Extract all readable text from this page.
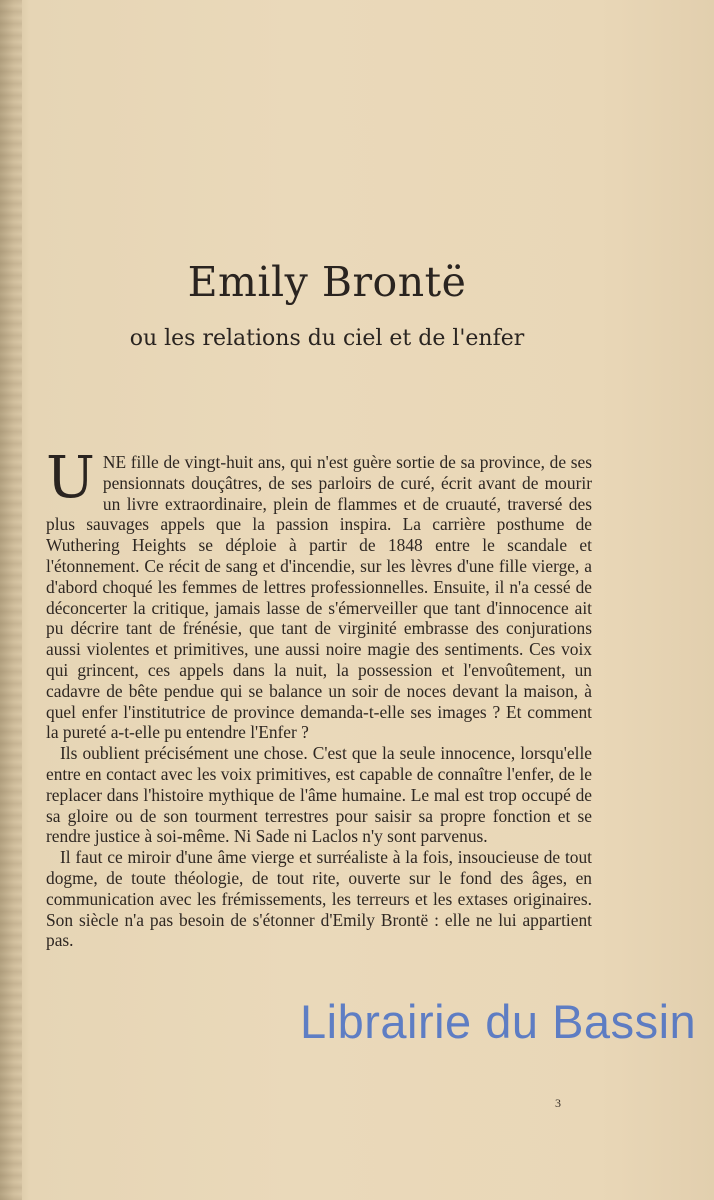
Emily Brontë
ou les relations du ciel et de l'enfer

UNE fille de vingt-huit ans, qui n'est guère sortie de sa province, de ses pensionnats douçâtres, de ses parloirs de curé, écrit avant de mourir un livre extraordinaire, plein de flammes et de cruauté, traversé des plus sauvages appels que la passion inspira. La carrière posthume de Wuthering Heights se déploie à partir de 1848 entre le scandale et l'étonnement. Ce récit de sang et d'incendie, sur les lèvres d'une fille vierge, a d'abord choqué les femmes de lettres professionnelles. Ensuite, il n'a cessé de déconcerter la critique, jamais lasse de s'émerveiller que tant d'innocence ait pu décrire tant de frénésie, que tant de virginité embrasse des conjurations aussi violentes et primitives, une aussi noire magie des sentiments. Ces voix qui grincent, ces appels dans la nuit, la possession et l'envoûtement, un cadavre de bête pendue qui se balance un soir de noces devant la maison, à quel enfer l'institutrice de province demanda-t-elle ses images ? Et comment la pureté a-t-elle pu entendre l'Enfer ?

Ils oublient précisément une chose. C'est que la seule innocence, lorsqu'elle entre en contact avec les voix primitives, est capable de connaître l'enfer, de le replacer dans l'histoire mythique de l'âme humaine. Le mal est trop occupé de sa gloire ou de son tourment terrestres pour saisir sa propre fonction et se rendre justice à soi-même. Ni Sade ni Laclos n'y sont parvenus.

Il faut ce miroir d'une âme vierge et surréaliste à la fois, insoucieuse de tout dogme, de toute théologie, de tout rite, ouverte sur le fond des âges, en communication avec les frémissements, les terreurs et les extases originaires. Son siècle n'a pas besoin de s'étonner d'Emily Brontë : elle ne lui appartient pas.

3
Librairie du Bassin
